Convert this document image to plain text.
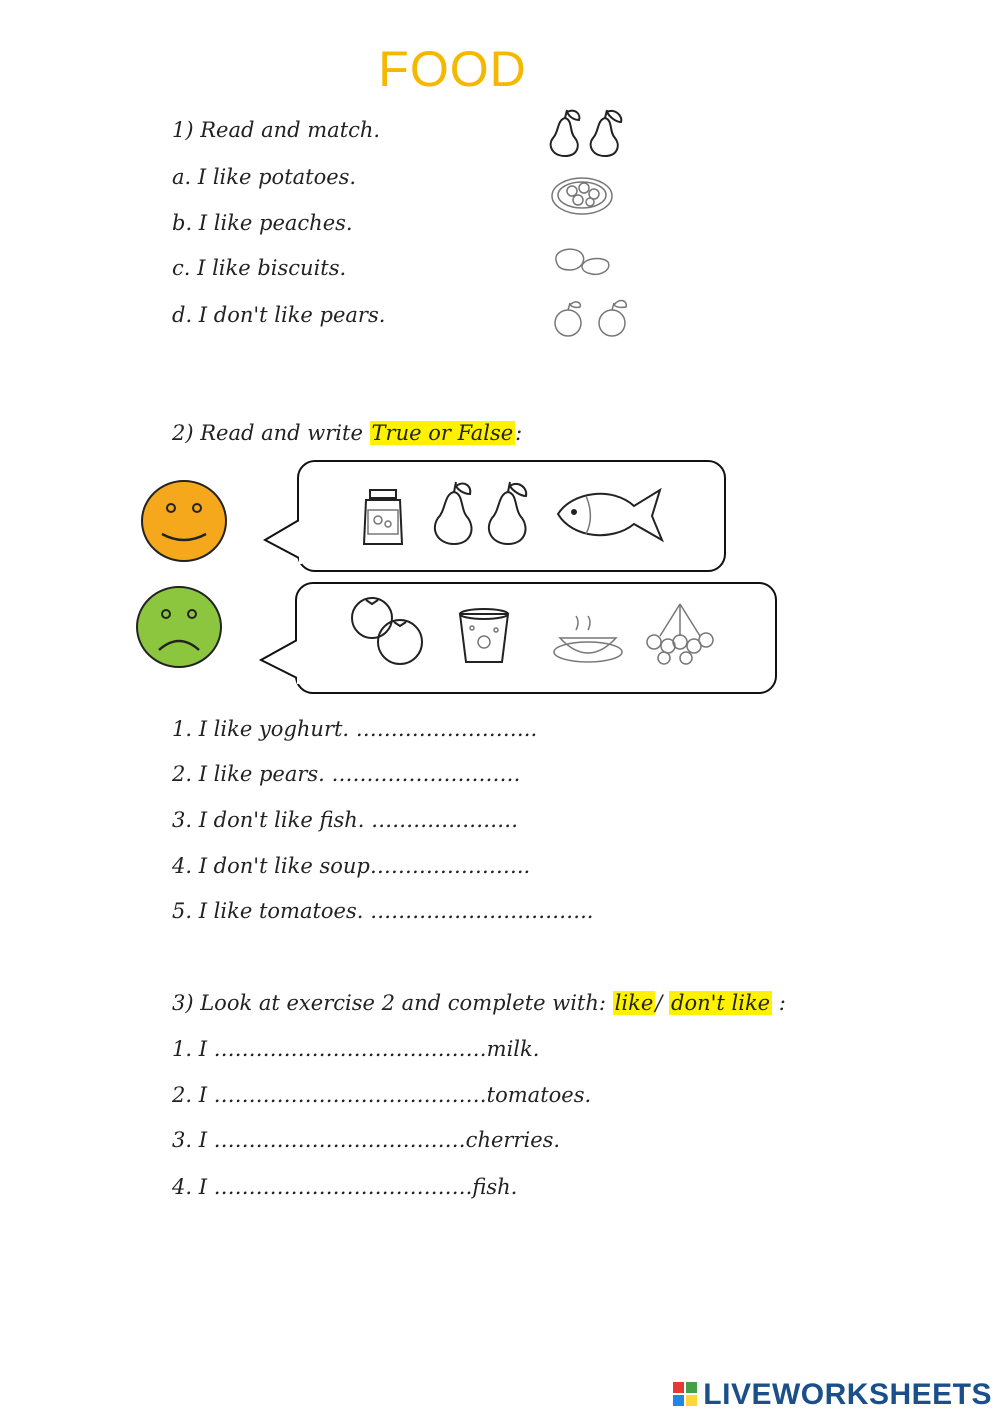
FOOD
1) Read and match.
a. I like potatoes.
b. I like peaches.
c. I like biscuits.
d. I don't like pears.
2) Read and write True or False:
1. I like yoghurt. ……………………..
2. I like pears. ………………………
3. I don't like fish. …………………
4. I don't like soup…………………..
5. I like tomatoes. …………………………..
3) Look at exercise 2 and complete with: like/ don't like :
1. I …………………………………milk.
2. I …………………………………tomatoes.
3. I ………………………………cherries.
4. I ……………………………….fish.
LIVEWORKSHEETS
